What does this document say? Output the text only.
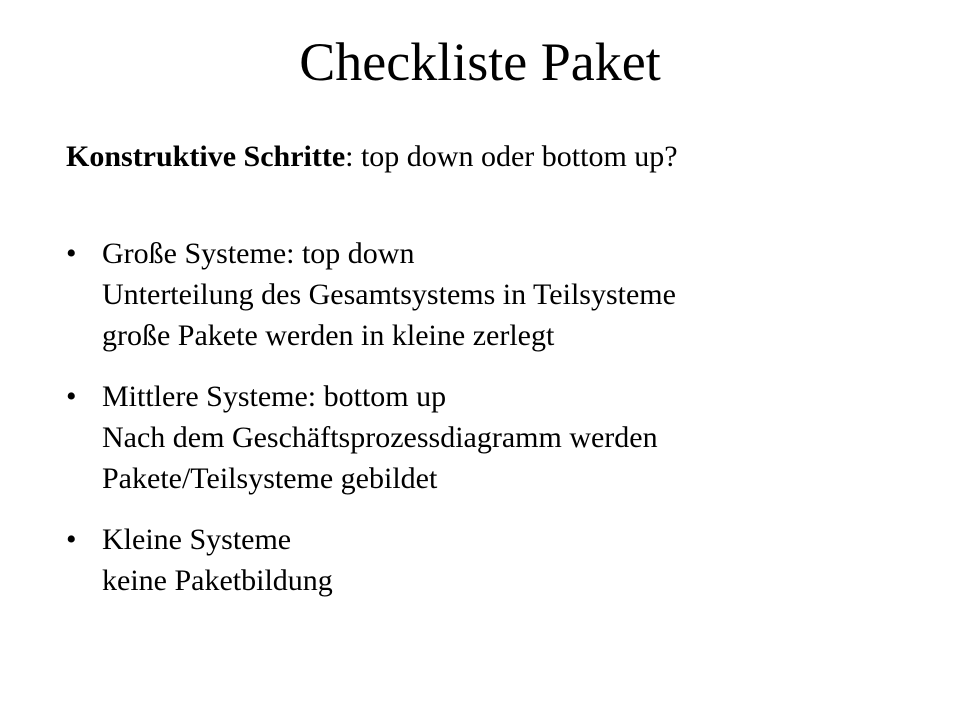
Checkliste Paket
Konstruktive Schritte: top down oder bottom up?
• Große Systeme: top down
Unterteilung des Gesamtsystems in Teilsysteme
große Pakete werden in kleine zerlegt
• Mittlere Systeme: bottom up
Nach dem Geschäftsprozessdiagramm werden
Pakete/Teilsysteme gebildet
• Kleine Systeme
keine Paketbildung
